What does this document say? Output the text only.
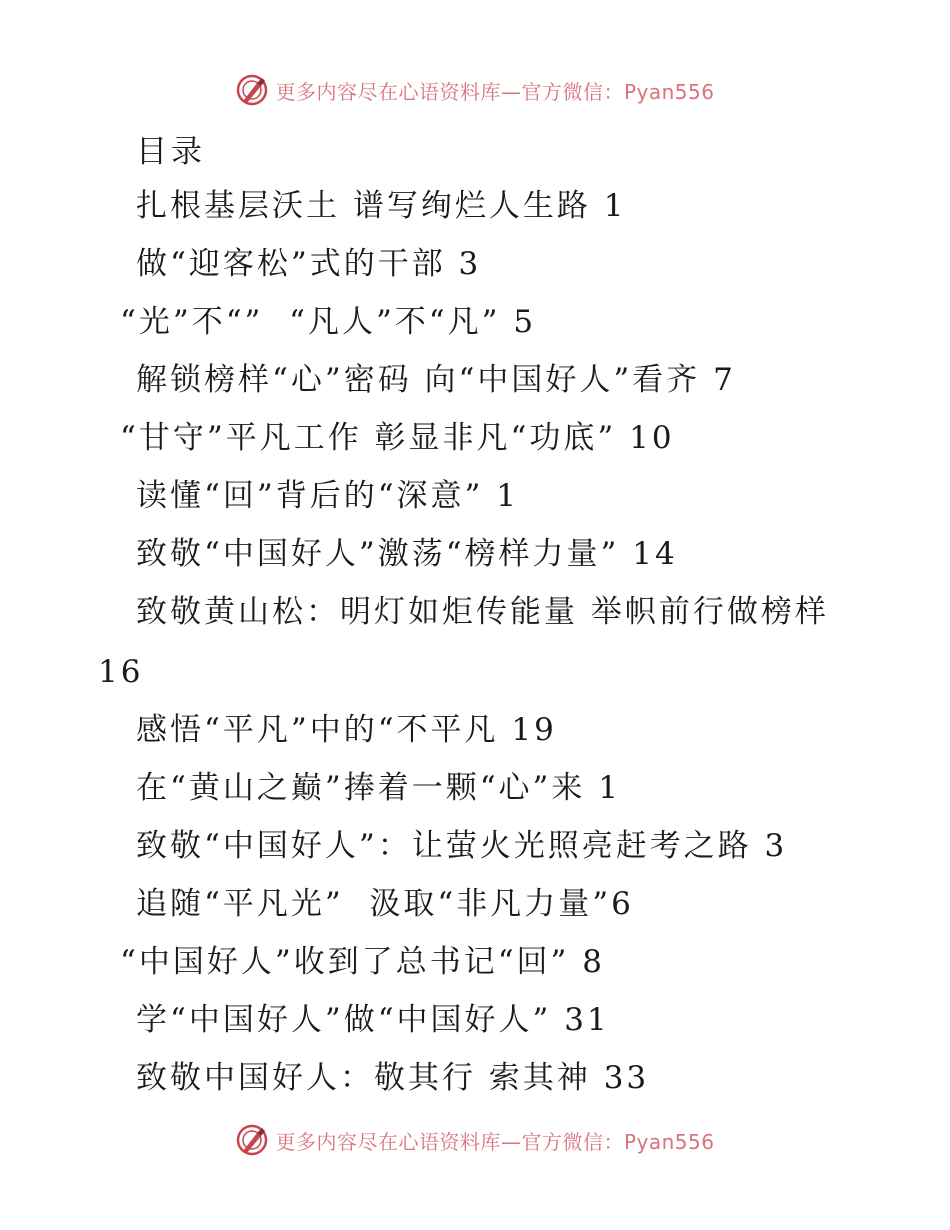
更多内容尽在心语资料库—官方微信：Pyan556
目录
扎根基层沃土 谱写绚烂人生路 1
做“迎客松”式的干部 3
“光”不“”  “凡人”不“凡” 5
解锁榜样“心”密码 向“中国好人”看齐 7
“甘守”平凡工作 彰显非凡“功底” 10
读懂“回”背后的“深意” 1
致敬“中国好人”激荡“榜样力量” 14
致敬黄山松：明灯如炬传能量 举帜前行做榜样
16
感悟“平凡”中的“不平凡 19
在“黄山之巅”捧着一颗“心”来 1
致敬“中国好人”：让萤火光照亮赶考之路 3
追随“平凡光”  汲取“非凡力量”6
“中国好人”收到了总书记“回” 8
学“中国好人”做“中国好人” 31
致敬中国好人：敬其行 索其神 33
更多内容尽在心语资料库—官方微信：Pyan556
